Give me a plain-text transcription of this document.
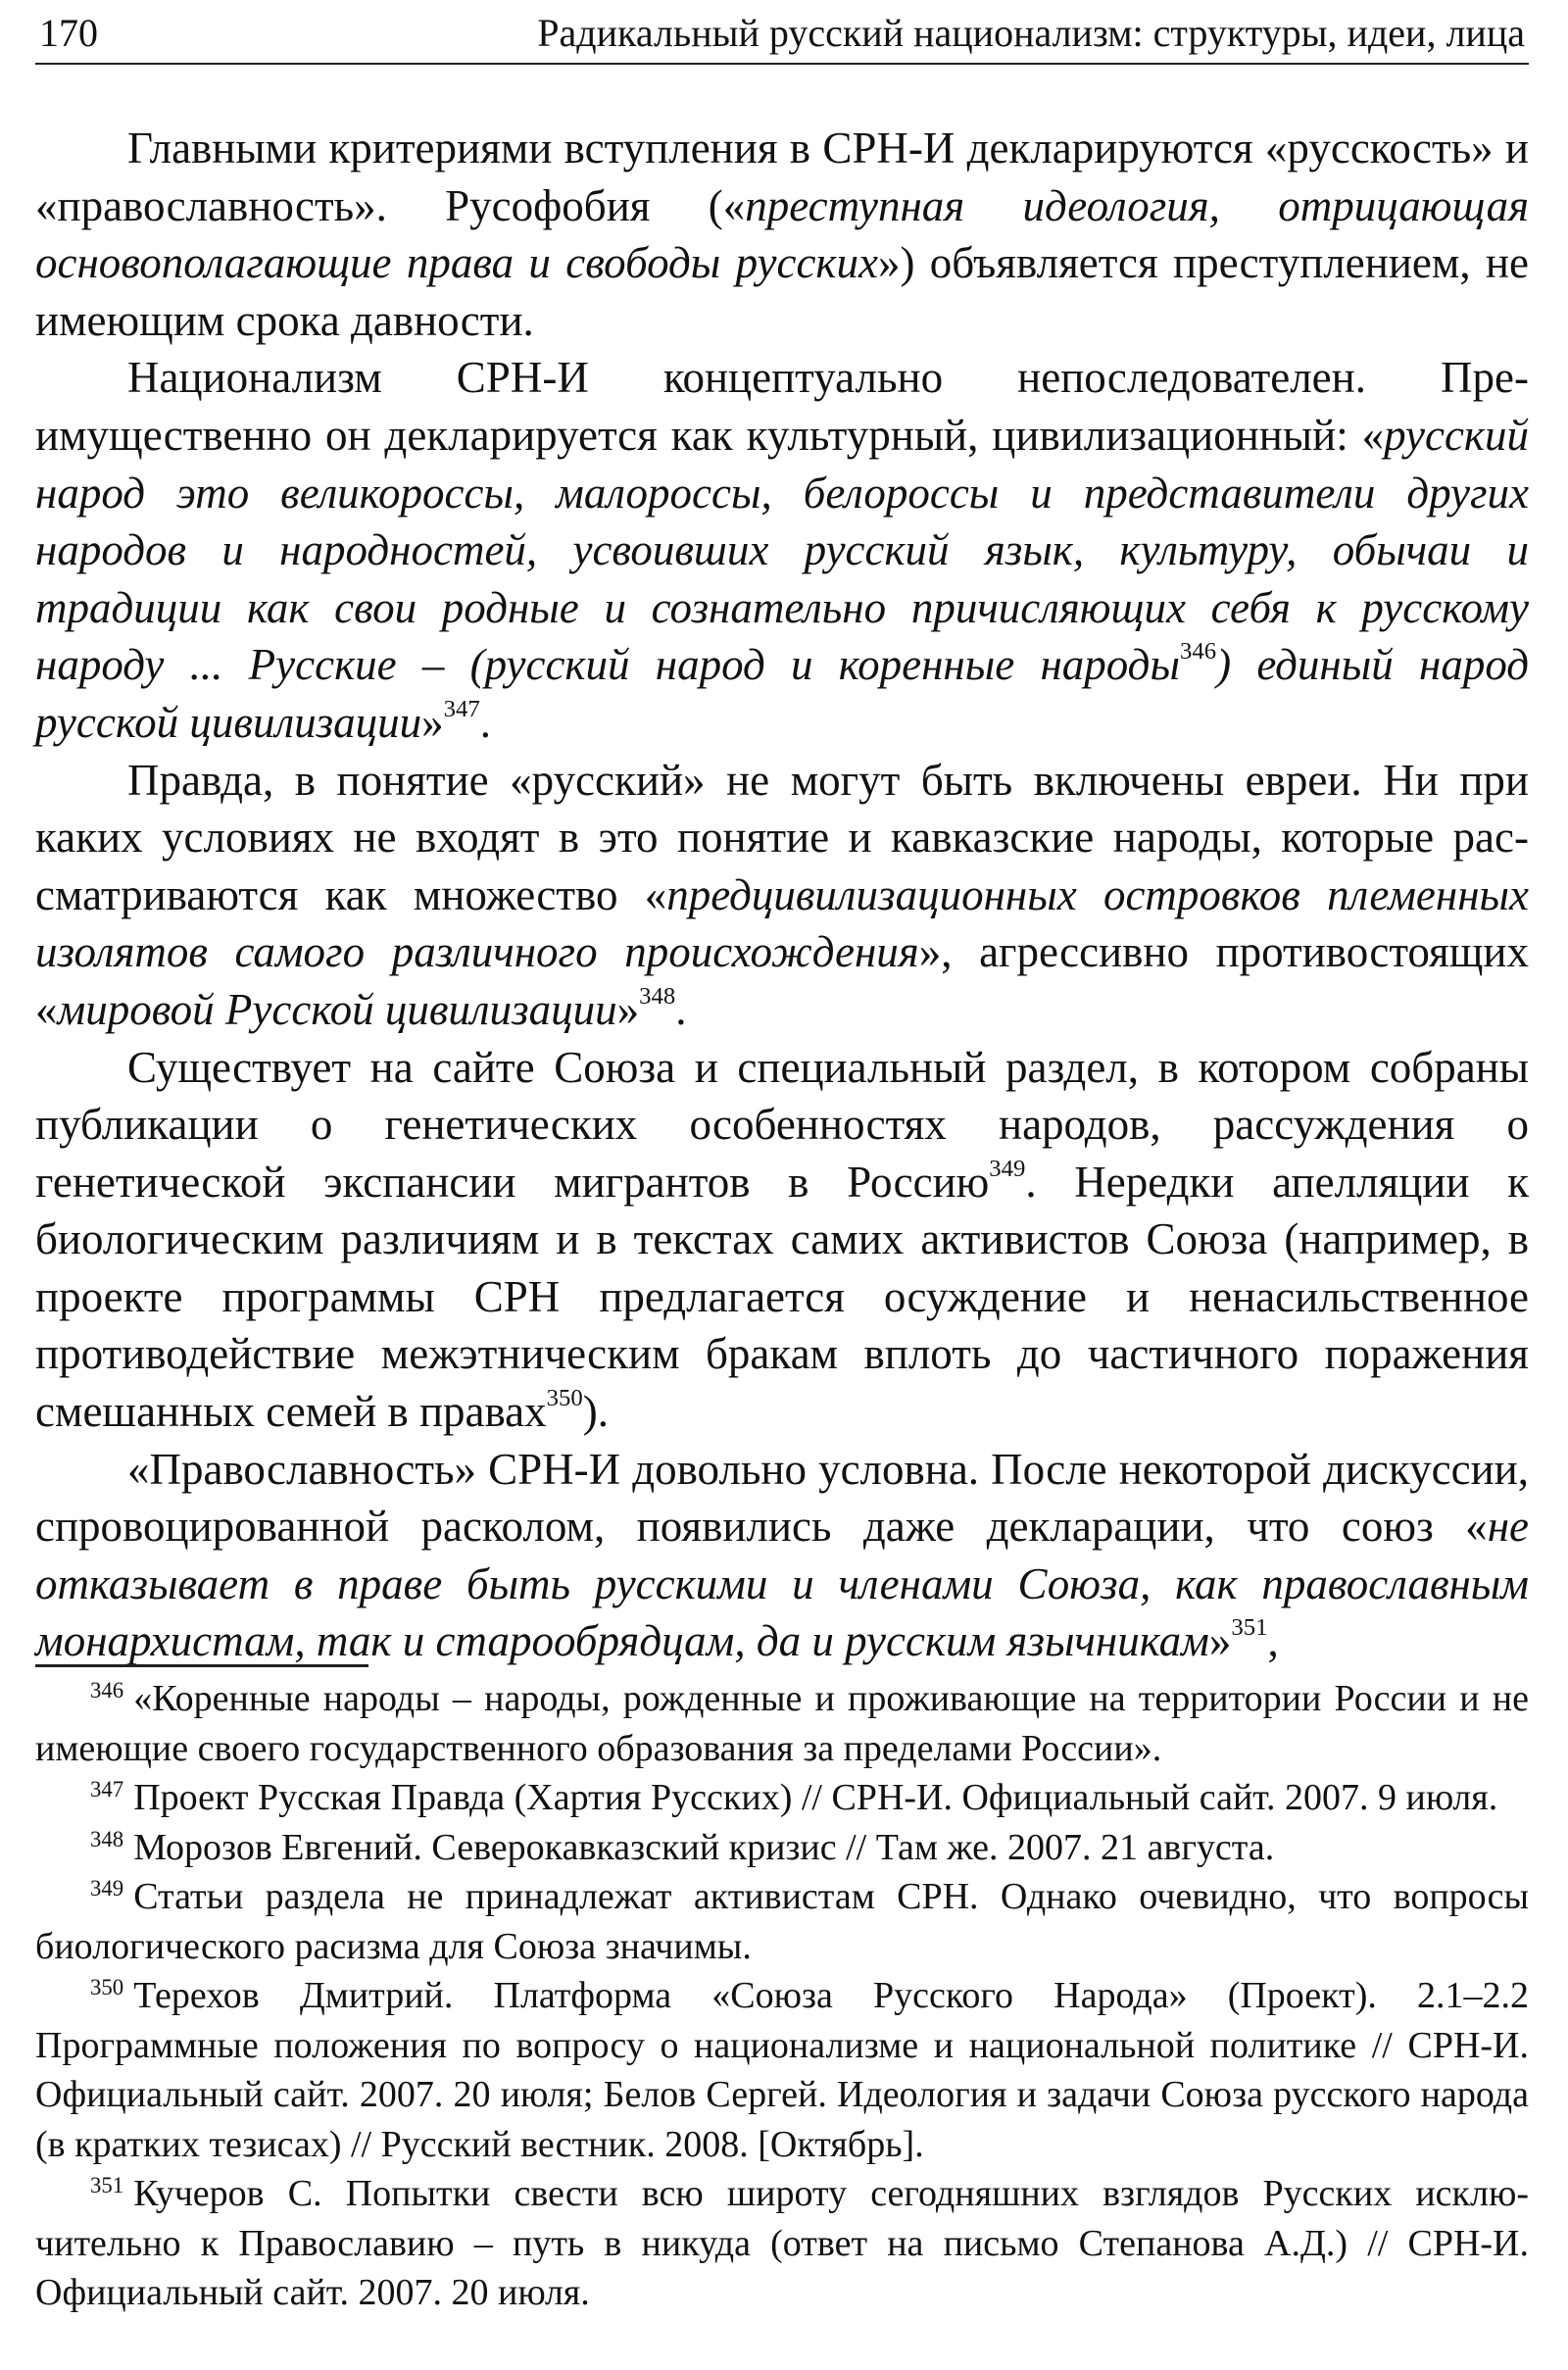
170	Радикальный русский национализм: структуры, идеи, лица

Главными критериями вступления в СРН-И декларируются «русскость» и «православность». Русофобия («преступная идеология, отрицающая основополагающие права и свободы русских») объявляется преступлением, не имеющим срока давности.

Национализм СРН-И концептуально непоследователен. Преимущественно он декларируется как культурный, цивилизационный: «русский народ это великороссы, малороссы, белороссы и представители других народов и народностей, усвоивших русский язык, культуру, обычаи и традиции как свои родные и сознательно причисляющих себя к русскому народу ... Русские – (русский народ и коренные народы$^{346}$) единый народ русской цивилизации»$^{347}$.

Правда, в понятие «русский» не могут быть включены евреи. Ни при каких условиях не входят в это понятие и кавказские народы, которые рассматриваются как множество «предцивилизационных островков племенных изолятов самого различного происхождения», агрессивно противостоящих «мировой Русской цивилизации»$^{348}$.

Существует на сайте Союза и специальный раздел, в котором собраны публикации о генетических особенностях народов, рассуждения о генетической экспансии мигрантов в Россию$^{349}$. Нередки апелляции к биологическим различиям и в текстах самих активистов Союза (например, в проекте программы СРН предлагается осуждение и ненасильственное противодействие межэтническим бракам вплоть до частичного поражения смешанных семей в правах$^{350}$).

«Православность» СРН-И довольно условна. После некоторой дискуссии, спровоцированной расколом, появились даже декларации, что союз «не отказывает в праве быть русскими и членами Союза, как православным монархистам, так и старообрядцам, да и русским язычникам»$^{351}$,

$^{346}$ «Коренные народы – народы, рожденные и проживающие на территории России и не имеющие своего государственного образования за пределами России».

$^{347}$ Проект Русская Правда (Хартия Русских) // СРН-И. Официальный сайт. 2007. 9 июля.

$^{348}$ Морозов Евгений. Северокавказский кризис // Там же. 2007. 21 августа.

$^{349}$ Статьи раздела не принадлежат активистам СРН. Однако очевидно, что вопросы биологического расизма для Союза значимы.

$^{350}$ Терехов Дмитрий. Платформа «Союза Русского Народа» (Проект). 2.1–2.2 Программные положения по вопросу о национализме и национальной политике // СРН-И. Официальный сайт. 2007. 20 июля; Белов Сергей. Идеология и задачи Союза русского народа (в кратких тезисах) // Русский вестник. 2008. [Октябрь].

$^{351}$ Кучеров С. Попытки свести всю широту сегодняшних взглядов Русских исключительно к Православию – путь в никуда (ответ на письмо Степанова А.Д.) // СРН-И. Официальный сайт. 2007. 20 июля.
